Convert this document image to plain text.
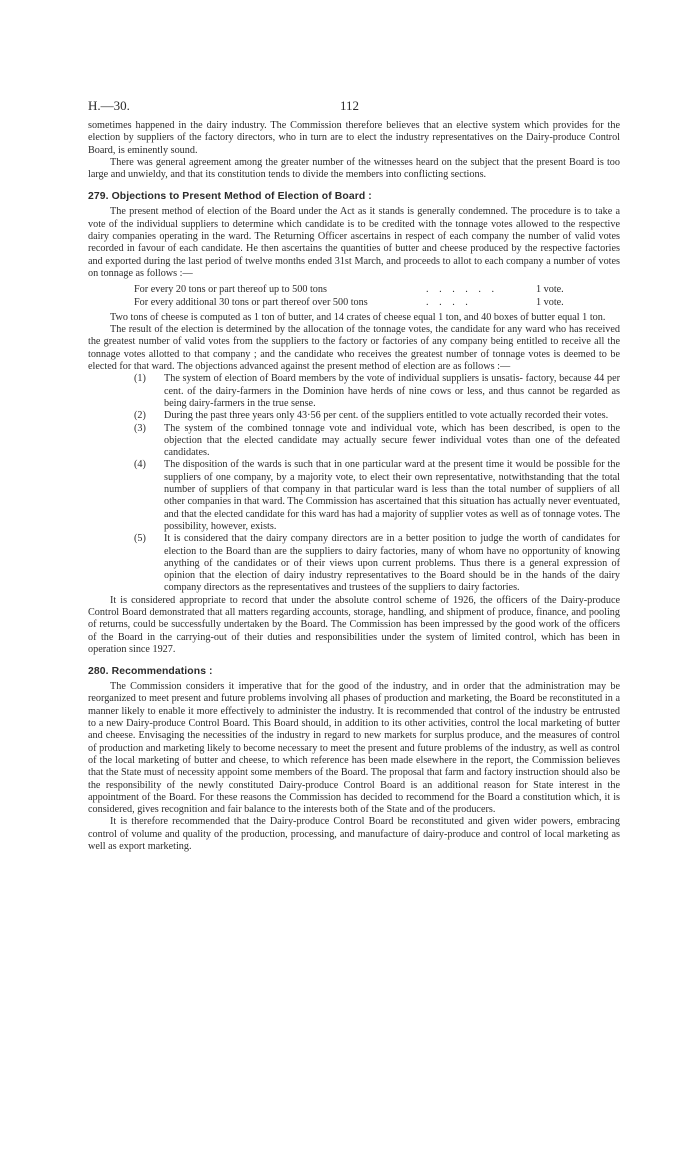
H.—30.	112

sometimes happened in the dairy industry. The Commission therefore believes that an elective system which provides for the election by suppliers of the factory directors, who in turn are to elect the industry representatives on the Dairy-produce Control Board, is eminently sound.

There was general agreement among the greater number of the witnesses heard on the subject that the present Board is too large and unwieldy, and that its constitution tends to divide the members into conflicting sections.

279. Objections to Present Method of Election of Board :

The present method of election of the Board under the Act as it stands is generally condemned. The procedure is to take a vote of the individual suppliers to determine which candidate is to be credited with the tonnage votes allowed to the respective dairy companies operating in the ward. The Returning Officer ascertains in respect of each company the number of valid votes recorded in favour of each candidate. He then ascertains the quantities of butter and cheese produced by the respective factories and exported during the last period of twelve months ended 31st March, and proceeds to allot to each company a number of votes on tonnage as follows :—

For every 20 tons or part thereof up to 500 tons	. . . . . .	1 vote.
For every additional 30 tons or part thereof over 500 tons	. . . .	1 vote.

Two tons of cheese is computed as 1 ton of butter, and 14 crates of cheese equal 1 ton, and 40 boxes of butter equal 1 ton.

The result of the election is determined by the allocation of the tonnage votes, the candidate for any ward who has received the greatest number of valid votes from the suppliers to the factory or factories of any company being entitled to receive all the tonnage votes allotted to that company ; and the candidate who receives the greatest number of tonnage votes is deemed to be elected for that ward. The objections advanced against the present method of election are as follows :—

(1) The system of election of Board members by the vote of individual suppliers is unsatis- factory, because 44 per cent. of the dairy-farmers in the Dominion have herds of nine cows or less, and thus cannot be regarded as being dairy-farmers in the true sense.
(2) During the past three years only 43·56 per cent. of the suppliers entitled to vote actually recorded their votes.
(3) The system of the combined tonnage vote and individual vote, which has been described, is open to the objection that the elected candidate may actually secure fewer individual votes than one of the defeated candidates.
(4) The disposition of the wards is such that in one particular ward at the present time it would be possible for the suppliers of one company, by a majority vote, to elect their own representative, notwithstanding that the total number of suppliers of that company in that particular ward is less than the total number of suppliers of all other companies in that ward. The Commission has ascertained that this situation has actually never eventuated, and that the elected candidate for this ward has had a majority of supplier votes as well as of tonnage votes. The possibility, however, exists.
(5) It is considered that the dairy company directors are in a better position to judge the worth of candidates for election to the Board than are the suppliers to dairy factories, many of whom have no opportunity of knowing anything of the candidates or of their views upon current problems. Thus there is a general expression of opinion that the election of dairy industry representatives to the Board should be in the hands of the dairy company directors as the representatives and trustees of the suppliers to dairy factories.

It is considered appropriate to record that under the absolute control scheme of 1926, the officers of the Dairy-produce Control Board demonstrated that all matters regarding accounts, storage, handling, and shipment of produce, finance, and pooling of returns, could be successfully undertaken by the Board. The Commission has been impressed by the good work of the officers of the Board in the carrying-out of their duties and responsibilities under the system of limited control, which has been in operation since 1927.

280. Recommendations :

The Commission considers it imperative that for the good of the industry, and in order that the administration may be reorganized to meet present and future problems involving all phases of production and marketing, the Board be reconstituted in a manner likely to enable it more effectively to administer the industry. It is recommended that control of the industry be entrusted to a new Dairy-produce Control Board. This Board should, in addition to its other activities, control the local marketing of butter and cheese. Envisaging the necessities of the industry in regard to new markets for surplus produce, and the measures of control of production and marketing likely to become necessary to meet the present and future problems of the industry, as well as control of the local marketing of butter and cheese, to which reference has been made elsewhere in the report, the Commission believes that the State must of necessity appoint some members of the Board. The proposal that farm and factory instruction should also be the responsibility of the newly constituted Dairy-produce Control Board is an additional reason for State interest in the appointment of the Board. For these reasons the Commission has decided to recommend for the Board a constitution which, it is considered, gives recognition and fair balance to the interests both of the State and of the producers.

It is therefore recommended that the Dairy-produce Control Board be reconstituted and given wider powers, embracing control of volume and quality of the production, processing, and manufacture of dairy-produce and control of local marketing as well as export marketing.
